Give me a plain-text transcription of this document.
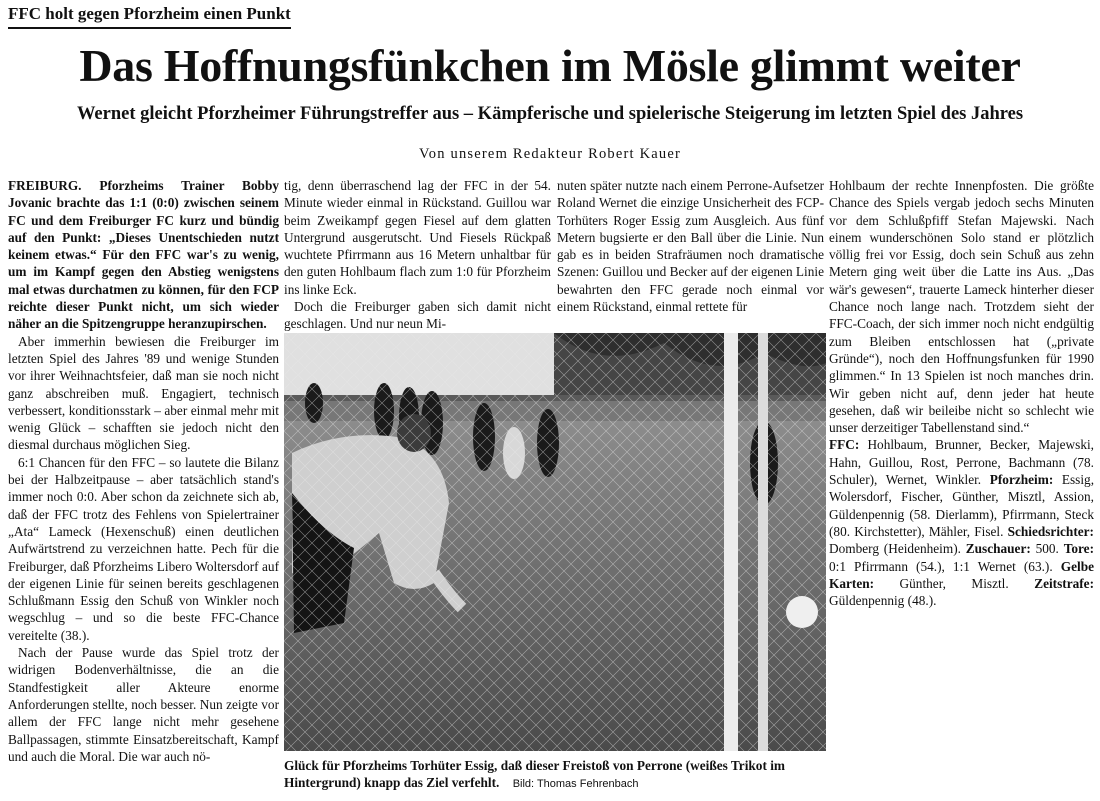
FFC holt gegen Pforzheim einen Punkt
Das Hoffnungsfünkchen im Mösle glimmt weiter
Wernet gleicht Pforzheimer Führungstreffer aus – Kämpferische und spielerische Steigerung im letzten Spiel des Jahres
Von unserem Redakteur Robert Kauer

FREIBURG. Pforzheims Trainer Bobby Jovanic brachte das 1:1 (0:0) zwischen seinem FC und dem Freiburger FC kurz und bündig auf den Punkt: „Dieses Unentschieden nutzt keinem etwas.“ Für den FFC war's zu wenig, um im Kampf gegen den Abstieg wenigstens mal etwas durchatmen zu können, für den FCP reichte dieser Punkt nicht, um sich wieder näher an die Spitzengruppe heranzupirschen.

Aber immerhin bewiesen die Freiburger im letzten Spiel des Jahres '89 und wenige Stunden vor ihrer Weihnachtsfeier, daß man sie noch nicht ganz abschreiben muß. Engagiert, technisch verbessert, konditionsstark – aber einmal mehr mit wenig Glück – schafften sie jedoch nicht den diesmal durchaus möglichen Sieg.

6:1 Chancen für den FFC – so lautete die Bilanz bei der Halbzeitpause – aber tatsächlich stand's immer noch 0:0. Aber schon da zeichnete sich ab, daß der FFC trotz des Fehlens von Spielertrainer „Ata“ Lameck (Hexenschuß) einen deutlichen Aufwärtstrend zu verzeichnen hatte. Pech für die Freiburger, daß Pforzheims Libero Woltersdorf auf der eigenen Linie für seinen bereits geschlagenen Schlußmann Essig den Schuß von Winkler noch wegschlug – und so die beste FFC-Chance vereitelte (38.).

Nach der Pause wurde das Spiel trotz der widrigen Bodenverhältnisse, die an die Standfestigkeit aller Akteure enorme Anforderungen stellte, noch besser. Nun zeigte vor allem der FFC lange nicht mehr gesehene Ballpassagen, stimmte Einsatzbereitschaft, Kampf und auch die Moral. Die war auch nö-

tig, denn überraschend lag der FFC in der 54. Minute wieder einmal in Rückstand. Guillou war beim Zweikampf gegen Fiesel auf dem glatten Untergrund ausgerutscht. Und Fiesels Rückpaß wuchtete Pfirrmann aus 16 Metern unhaltbar für den guten Hohlbaum flach zum 1:0 für Pforzheim ins linke Eck.

Doch die Freiburger gaben sich damit nicht geschlagen. Und nur neun Mi-

nuten später nutzte nach einem Perrone-Aufsetzer Roland Wernet die einzige Unsicherheit des FCP-Torhüters Roger Essig zum Ausgleich. Aus fünf Metern bugsierte er den Ball über die Linie. Nun gab es in beiden Strafräumen noch dramatische Szenen: Guillou und Becker auf der eigenen Linie bewahrten den FFC gerade noch einmal vor einem Rückstand, einmal rettete für

Hohlbaum der rechte Innenpfosten. Die größte Chance des Spiels vergab jedoch sechs Minuten vor dem Schlußpfiff Stefan Majewski. Nach einem wunderschönen Solo stand er plötzlich völlig frei vor Essig, doch sein Schuß aus zehn Metern ging weit über die Latte ins Aus. „Das wär's gewesen“, trauerte Lameck hinterher dieser Chance noch lange nach. Trotzdem sieht der FFC-Coach, der sich immer noch nicht endgültig zum Bleiben entschlossen hat („private Gründe“), noch den Hoffnungsfunken für 1990 glimmen.“ In 13 Spielen ist noch manches drin. Wir geben nicht auf, denn jeder hat heute gesehen, daß wir beileibe nicht so schlecht wie unser derzeitiger Tabellenstand sind.“

FFC: Hohlbaum, Brunner, Becker, Majewski, Hahn, Guillou, Rost, Perrone, Bachmann (78. Schuler), Wernet, Winkler. Pforzheim: Essig, Wolersdorf, Fischer, Günther, Misztl, Assion, Güldenpennig (58. Dierlamm), Pfirrmann, Steck (80. Kirchstetter), Mähler, Fisel. Schiedsrichter: Domberg (Heidenheim). Zuschauer: 500. Tore: 0:1 Pfirrmann (54.), 1:1 Wernet (63.). Gelbe Karten: Günther, Misztl. Zeitstrafe: Güldenpennig (48.).

Glück für Pforzheims Torhüter Essig, daß dieser Freistoß von Perrone (weißes Trikot im Hintergrund) knapp das Ziel verfehlt. Bild: Thomas Fehrenbach
